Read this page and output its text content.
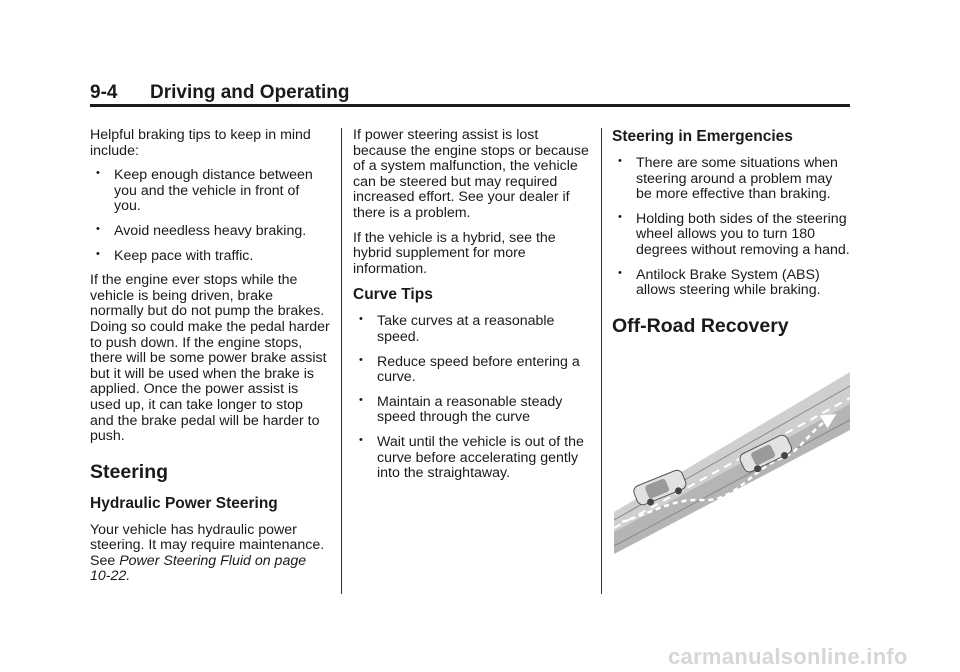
9-4 Driving and Operating

Helpful braking tips to keep in mind include:

• Keep enough distance between you and the vehicle in front of you.
• Avoid needless heavy braking.
• Keep pace with traffic.

If the engine ever stops while the vehicle is being driven, brake normally but do not pump the brakes. Doing so could make the pedal harder to push down. If the engine stops, there will be some power brake assist but it will be used when the brake is applied. Once the power assist is used up, it can take longer to stop and the brake pedal will be harder to push.

Steering
Hydraulic Power Steering

Your vehicle has hydraulic power steering. It may require maintenance. See Power Steering Fluid on page 10-22.

If power steering assist is lost because the engine stops or because of a system malfunction, the vehicle can be steered but may required increased effort. See your dealer if there is a problem.

If the vehicle is a hybrid, see the hybrid supplement for more information.

Curve Tips
• Take curves at a reasonable speed.
• Reduce speed before entering a curve.
• Maintain a reasonable steady speed through the curve
• Wait until the vehicle is out of the curve before accelerating gently into the straightaway.
Steering in Emergencies
• There are some situations when steering around a problem may be more effective than braking.
• Holding both sides of the steering wheel allows you to turn 180 degrees without removing a hand.
• Antilock Brake System (ABS) allows steering while braking.
Off-Road Recovery
carmanualsonline.info
